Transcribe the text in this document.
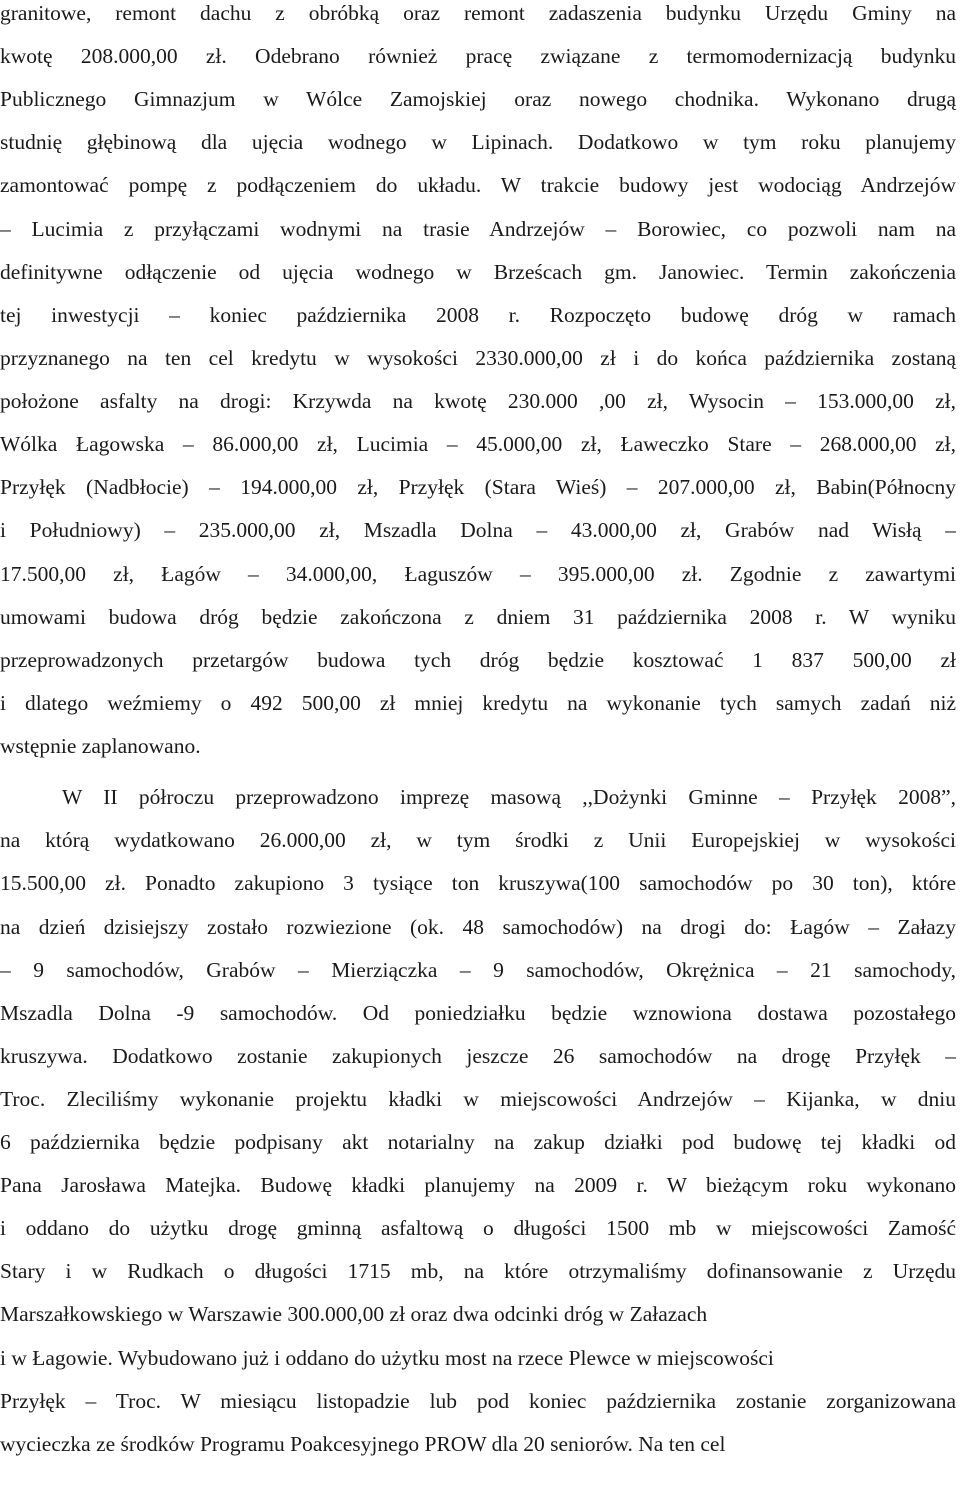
granitowe, remont dachu z obróbką oraz remont zadaszenia budynku Urzędu Gminy na
kwotę 208.000,00 zł. Odebrano również pracę związane z termomodernizacją budynku
Publicznego Gimnazjum w Wólce Zamojskiej oraz nowego chodnika. Wykonano drugą
studnię głębinową dla ujęcia wodnego w Lipinach. Dodatkowo w tym roku planujemy
zamontować pompę z podłączeniem do układu. W trakcie budowy jest wodociąg Andrzejów
– Lucimia z przyłączami wodnymi na trasie Andrzejów – Borowiec, co pozwoli nam na
definitywne odłączenie od ujęcia wodnego w Brześcach gm. Janowiec. Termin zakończenia
tej inwestycji – koniec października 2008 r. Rozpoczęto budowę dróg w ramach
przyznanego na ten cel kredytu w wysokości 2330.000,00 zł i do końca października zostaną
położone asfalty na drogi: Krzywda na kwotę 230.000 ,00 zł, Wysocin – 153.000,00 zł,
Wólka Łagowska – 86.000,00 zł, Lucimia – 45.000,00 zł, Ławeczko Stare – 268.000,00 zł,
Przyłęk (Nadbłocie) – 194.000,00 zł, Przyłęk (Stara Wieś) – 207.000,00 zł, Babin(Północny
i Południowy) – 235.000,00 zł, Mszadla Dolna – 43.000,00 zł, Grabów nad Wisłą –
17.500,00 zł, Łagów – 34.000,00, Łaguszów – 395.000,00 zł. Zgodnie z zawartymi
umowami budowa dróg będzie zakończona z dniem 31 października 2008 r. W wyniku
przeprowadzonych przetargów budowa tych dróg będzie kosztować 1 837 500,00 zł
i dlatego weźmiemy o 492 500,00 zł mniej kredytu na wykonanie tych samych zadań niż
wstępnie zaplanowano.
W II półroczu przeprowadzono imprezę masową ,,Dożynki Gminne – Przyłęk 2008”,
na którą wydatkowano 26.000,00 zł, w tym środki z Unii Europejskiej w wysokości
15.500,00 zł. Ponadto zakupiono 3 tysiące ton kruszywa(100 samochodów po 30 ton), które
na dzień dzisiejszy zostało rozwiezione (ok. 48 samochodów) na drogi do: Łagów – Załazy
– 9 samochodów, Grabów – Mierziączka – 9 samochodów, Okrężnica – 21 samochody,
Mszadla Dolna -9 samochodów. Od poniedziałku będzie wznowiona dostawa pozostałego
kruszywa. Dodatkowo zostanie zakupionych jeszcze 26 samochodów na drogę Przyłęk –
Troc. Zleciliśmy wykonanie projektu kładki w miejscowości Andrzejów – Kijanka, w dniu
6 października będzie podpisany akt notarialny na zakup działki pod budowę tej kładki od
Pana Jarosława Matejka. Budowę kładki planujemy na 2009 r. W bieżącym roku wykonano
i oddano do użytku drogę gminną asfaltową o długości 1500 mb w miejscowości Zamość
Stary i w Rudkach o długości 1715 mb, na które otrzymaliśmy dofinansowanie z Urzędu
Marszałkowskiego w Warszawie 300.000,00 zł oraz dwa odcinki dróg w Załazach
i w Łagowie. Wybudowano już i oddano do użytku most na rzece Plewce w miejscowości
Przyłęk – Troc. W miesiącu listopadzie lub pod koniec października zostanie zorganizowana
wycieczka ze środków Programu Poakcesyjnego PROW dla 20 seniorów. Na ten cel
